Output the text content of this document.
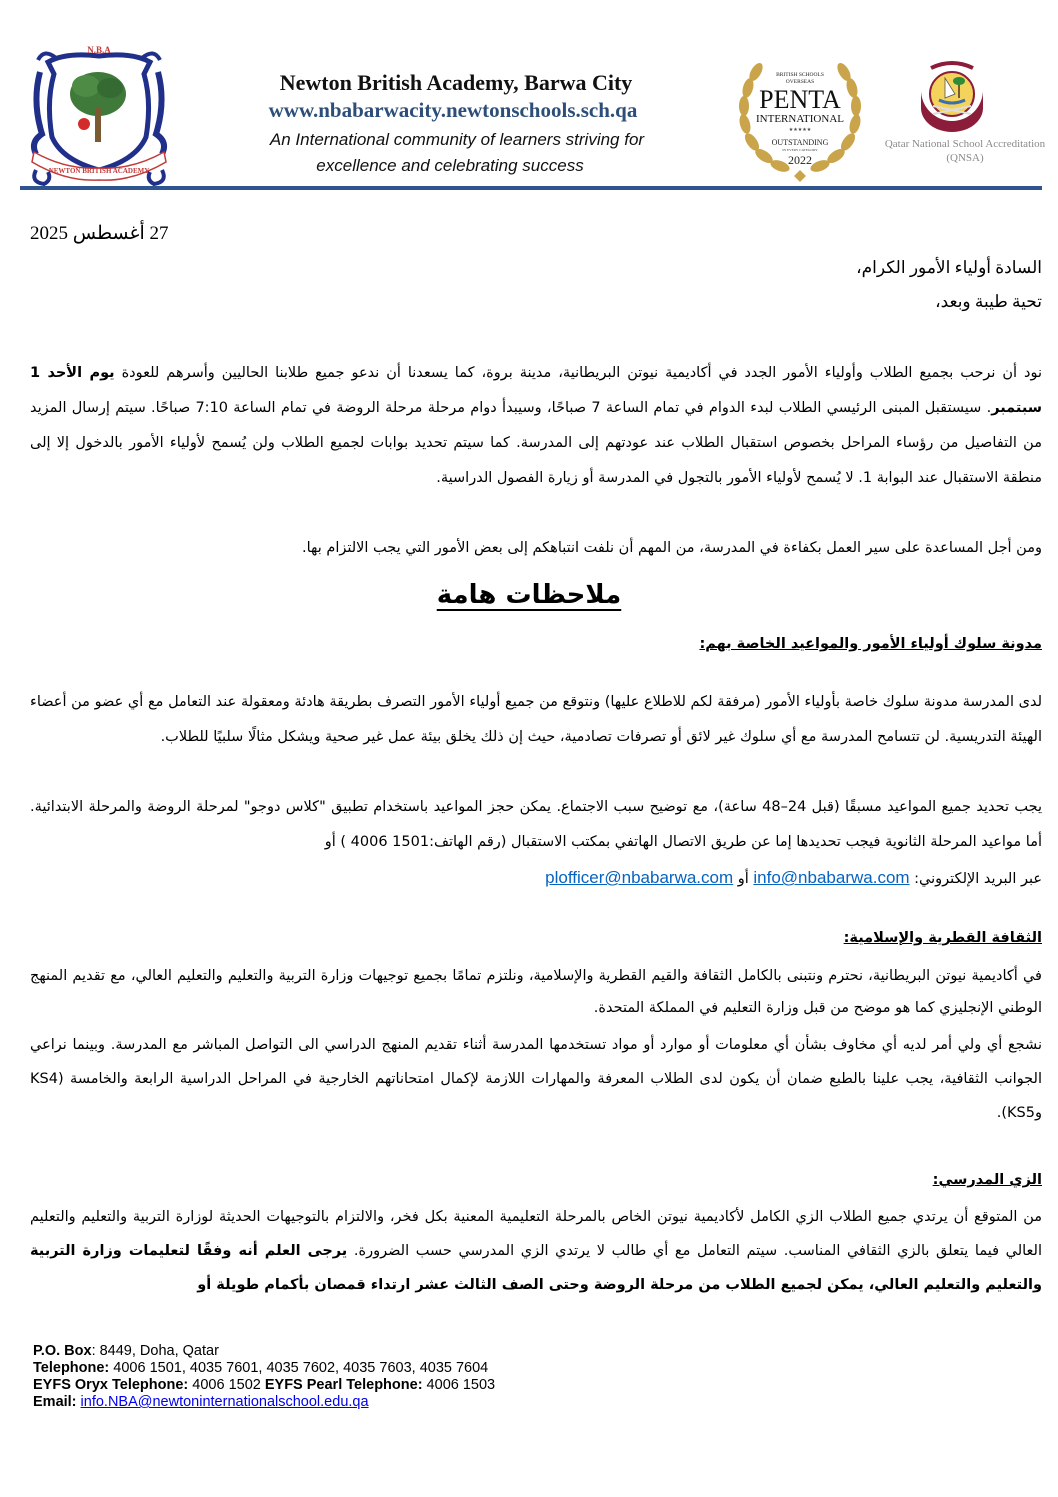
NEWTON BRITISH ACADEMY
N.B.A
Newton British Academy, Barwa City
www.nbabarwacity.newtonschools.sch.qa
An International community of learners striving for
excellence and celebrating success
BRITISH SCHOOLS
OVERSEAS
PENTA
INTERNATIONAL
★★★★★
OUTSTANDING
IN EVERY CATEGORY
2022
Qatar National School Accreditation
(QNSA)
27 أغسطس 2025
السادة أولياء الأمور الكرام،
تحية طيبة وبعد،
نود أن نرحب بجميع الطلاب وأولياء الأمور الجدد في أكاديمية نيوتن البريطانية، مدينة بروة، كما يسعدنا أن ندعو جميع طلابنا الحاليين وأسرهم للعودة يوم الأحد 1 سبتمبر. سيستقبل المبنى الرئيسي الطلاب لبدء الدوام في تمام الساعة 7 صباحًا، وسيبدأ دوام مرحلة مرحلة الروضة في تمام الساعة 7:10 صباحًا. سيتم إرسال المزيد من التفاصيل من رؤساء المراحل بخصوص استقبال الطلاب عند عودتهم إلى المدرسة. كما سيتم تحديد بوابات لجميع الطلاب ولن يُسمح لأولياء الأمور بالدخول إلا إلى منطقة الاستقبال عند البوابة 1. لا يُسمح لأولياء الأمور بالتجول في المدرسة أو زيارة الفصول الدراسية.
ومن أجل المساعدة على سير العمل بكفاءة في المدرسة، من المهم أن نلفت انتباهكم إلى بعض الأمور التي يجب الالتزام بها.
ملاحظات هامة
مدونة سلوك أولياء الأمور والمواعيد الخاصة بهم:
لدى المدرسة مدونة سلوك خاصة بأولياء الأمور (مرفقة لكم للاطلاع عليها) ونتوقع من جميع أولياء الأمور التصرف بطريقة هادئة ومعقولة عند التعامل مع أي عضو من أعضاء الهيئة التدريسية. لن تتسامح المدرسة مع أي سلوك غير لائق أو تصرفات تصادمية، حيث إن ذلك يخلق بيئة عمل غير صحية ويشكل مثالًا سلبيًا للطلاب.
يجب تحديد جميع المواعيد مسبقًا (قبل 24–48 ساعة)، مع توضيح سبب الاجتماع. يمكن حجز المواعيد باستخدام تطبيق "كلاس دوجو" لمرحلة الروضة والمرحلة الابتدائية. أما مواعيد المرحلة الثانوية فيجب تحديدها إما عن طريق الاتصال الهاتفي بمكتب الاستقبال (رقم الهاتف:1501 4006 ) أو
عبر البريد الإلكتروني: info@nbabarwa.com أو plofficer@nbabarwa.com
الثقافة القطرية والإسلامية:
في أكاديمية نيوتن البريطانية، نحترم ونتبنى بالكامل الثقافة والقيم القطرية والإسلامية، ونلتزم تمامًا بجميع توجيهات وزارة التربية والتعليم والتعليم العالي، مع تقديم المنهج الوطني الإنجليزي كما هو موضح من قبل وزارة التعليم في المملكة المتحدة.
نشجع أي ولي أمر لديه أي مخاوف بشأن أي معلومات أو موارد أو مواد تستخدمها المدرسة أثناء تقديم المنهج الدراسي الى التواصل المباشر مع المدرسة. وبينما نراعي الجوانب الثقافية، يجب علينا بالطبع ضمان أن يكون لدى الطلاب المعرفة والمهارات اللازمة لإكمال امتحاناتهم الخارجية في المراحل الدراسية الرابعة والخامسة (KS4 وKS5).
الزي المدرسي:
من المتوقع أن يرتدي جميع الطلاب الزي الكامل لأكاديمية نيوتن الخاص بالمرحلة التعليمية المعنية بكل فخر، والالتزام بالتوجيهات الحديثة لوزارة التربية والتعليم والتعليم العالي فيما يتعلق بالزي الثقافي المناسب. سيتم التعامل مع أي طالب لا يرتدي الزي المدرسي حسب الضرورة. يرجى العلم أنه وفقًا لتعليمات وزارة التربية والتعليم والتعليم العالي، يمكن لجميع الطلاب من مرحلة الروضة وحتى الصف الثالث عشر ارتداء قمصان بأكمام طويلة أو
P.O. Box: 8449, Doha, Qatar
Telephone: 4006 1501, 4035 7601, 4035 7602, 4035 7603, 4035 7604
EYFS Oryx Telephone: 4006 1502 EYFS Pearl Telephone: 4006 1503
Email: info.NBA@newtoninternationalschool.edu.qa
